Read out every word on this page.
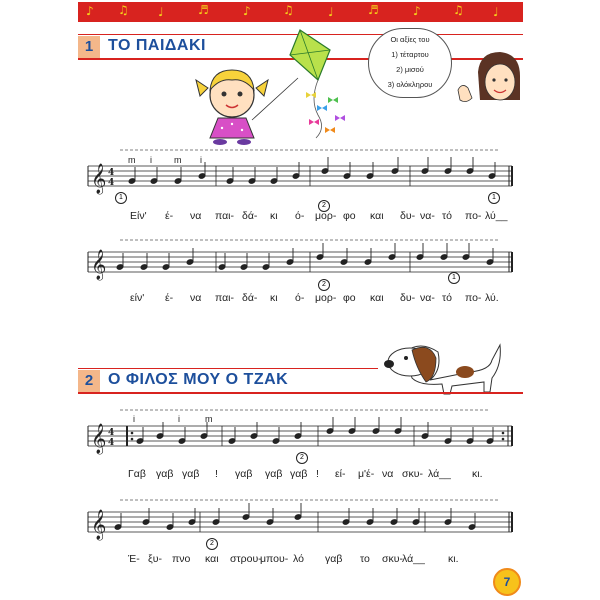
♪ ♫ ♩	♬	♪	♫	♩	♬	♪	♫ ♩
1 ΤΟ ΠΑΙΔΑΚΙ	Οι αξίες του
1) τέταρτου
2) μισού
3) ολόκληρου
𝄞 4
4
𝄞
𝄞 4
4
𝄞
m i m i
1
2
1
2
1
Είν' έ- να παι- δά- κι ό- μορ- φο και δυ- να- τό πο- λύ__
είν' έ- να παι- δά- κι ό- μορ- φο και δυ- να- τό πο- λύ.
2 Ο ΦΙΛΟΣ ΜΟΥ Ο ΤΖΑΚ
i	i	m
2
2
Γαβ γαβ γαβ ! γαβ γαβ γαβ ! εί- μ'έ- να σκυ- λά__ κι.
Έ- ξυ- πνο και στρου-
μπου- λό γαβ το σκυ- λά__ κι.
7
